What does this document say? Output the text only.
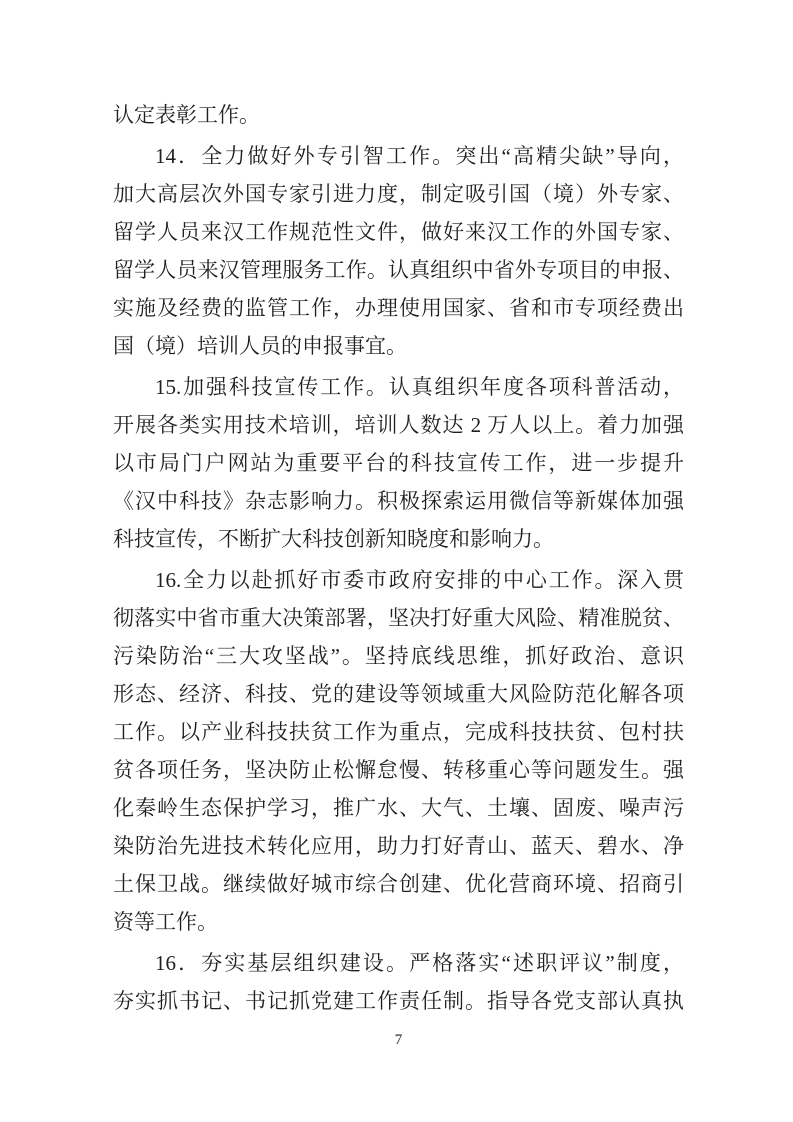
认定表彰工作。
14．全力做好外专引智工作。突出“高精尖缺”导向，
加大高层次外国专家引进力度，制定吸引国（境）外专家、
留学人员来汉工作规范性文件，做好来汉工作的外国专家、
留学人员来汉管理服务工作。认真组织中省外专项目的申报、
实施及经费的监管工作，办理使用国家、省和市专项经费出
国（境）培训人员的申报事宜。
15.加强科技宣传工作。认真组织年度各项科普活动，
开展各类实用技术培训，培训人数达 2 万人以上。着力加强
以市局门户网站为重要平台的科技宣传工作，进一步提升
《汉中科技》杂志影响力。积极探索运用微信等新媒体加强
科技宣传，不断扩大科技创新知晓度和影响力。
16.全力以赴抓好市委市政府安排的中心工作。深入贯
彻落实中省市重大决策部署，坚决打好重大风险、精准脱贫、
污染防治“三大攻坚战”。坚持底线思维，抓好政治、意识
形态、经济、科技、党的建设等领域重大风险防范化解各项
工作。以产业科技扶贫工作为重点，完成科技扶贫、包村扶
贫各项任务，坚决防止松懈怠慢、转移重心等问题发生。强
化秦岭生态保护学习，推广水、大气、土壤、固废、噪声污
染防治先进技术转化应用，助力打好青山、蓝天、碧水、净
土保卫战。继续做好城市综合创建、优化营商环境、招商引
资等工作。
16．夯实基层组织建设。严格落实“述职评议”制度，
夯实抓书记、书记抓党建工作责任制。指导各党支部认真执
7
